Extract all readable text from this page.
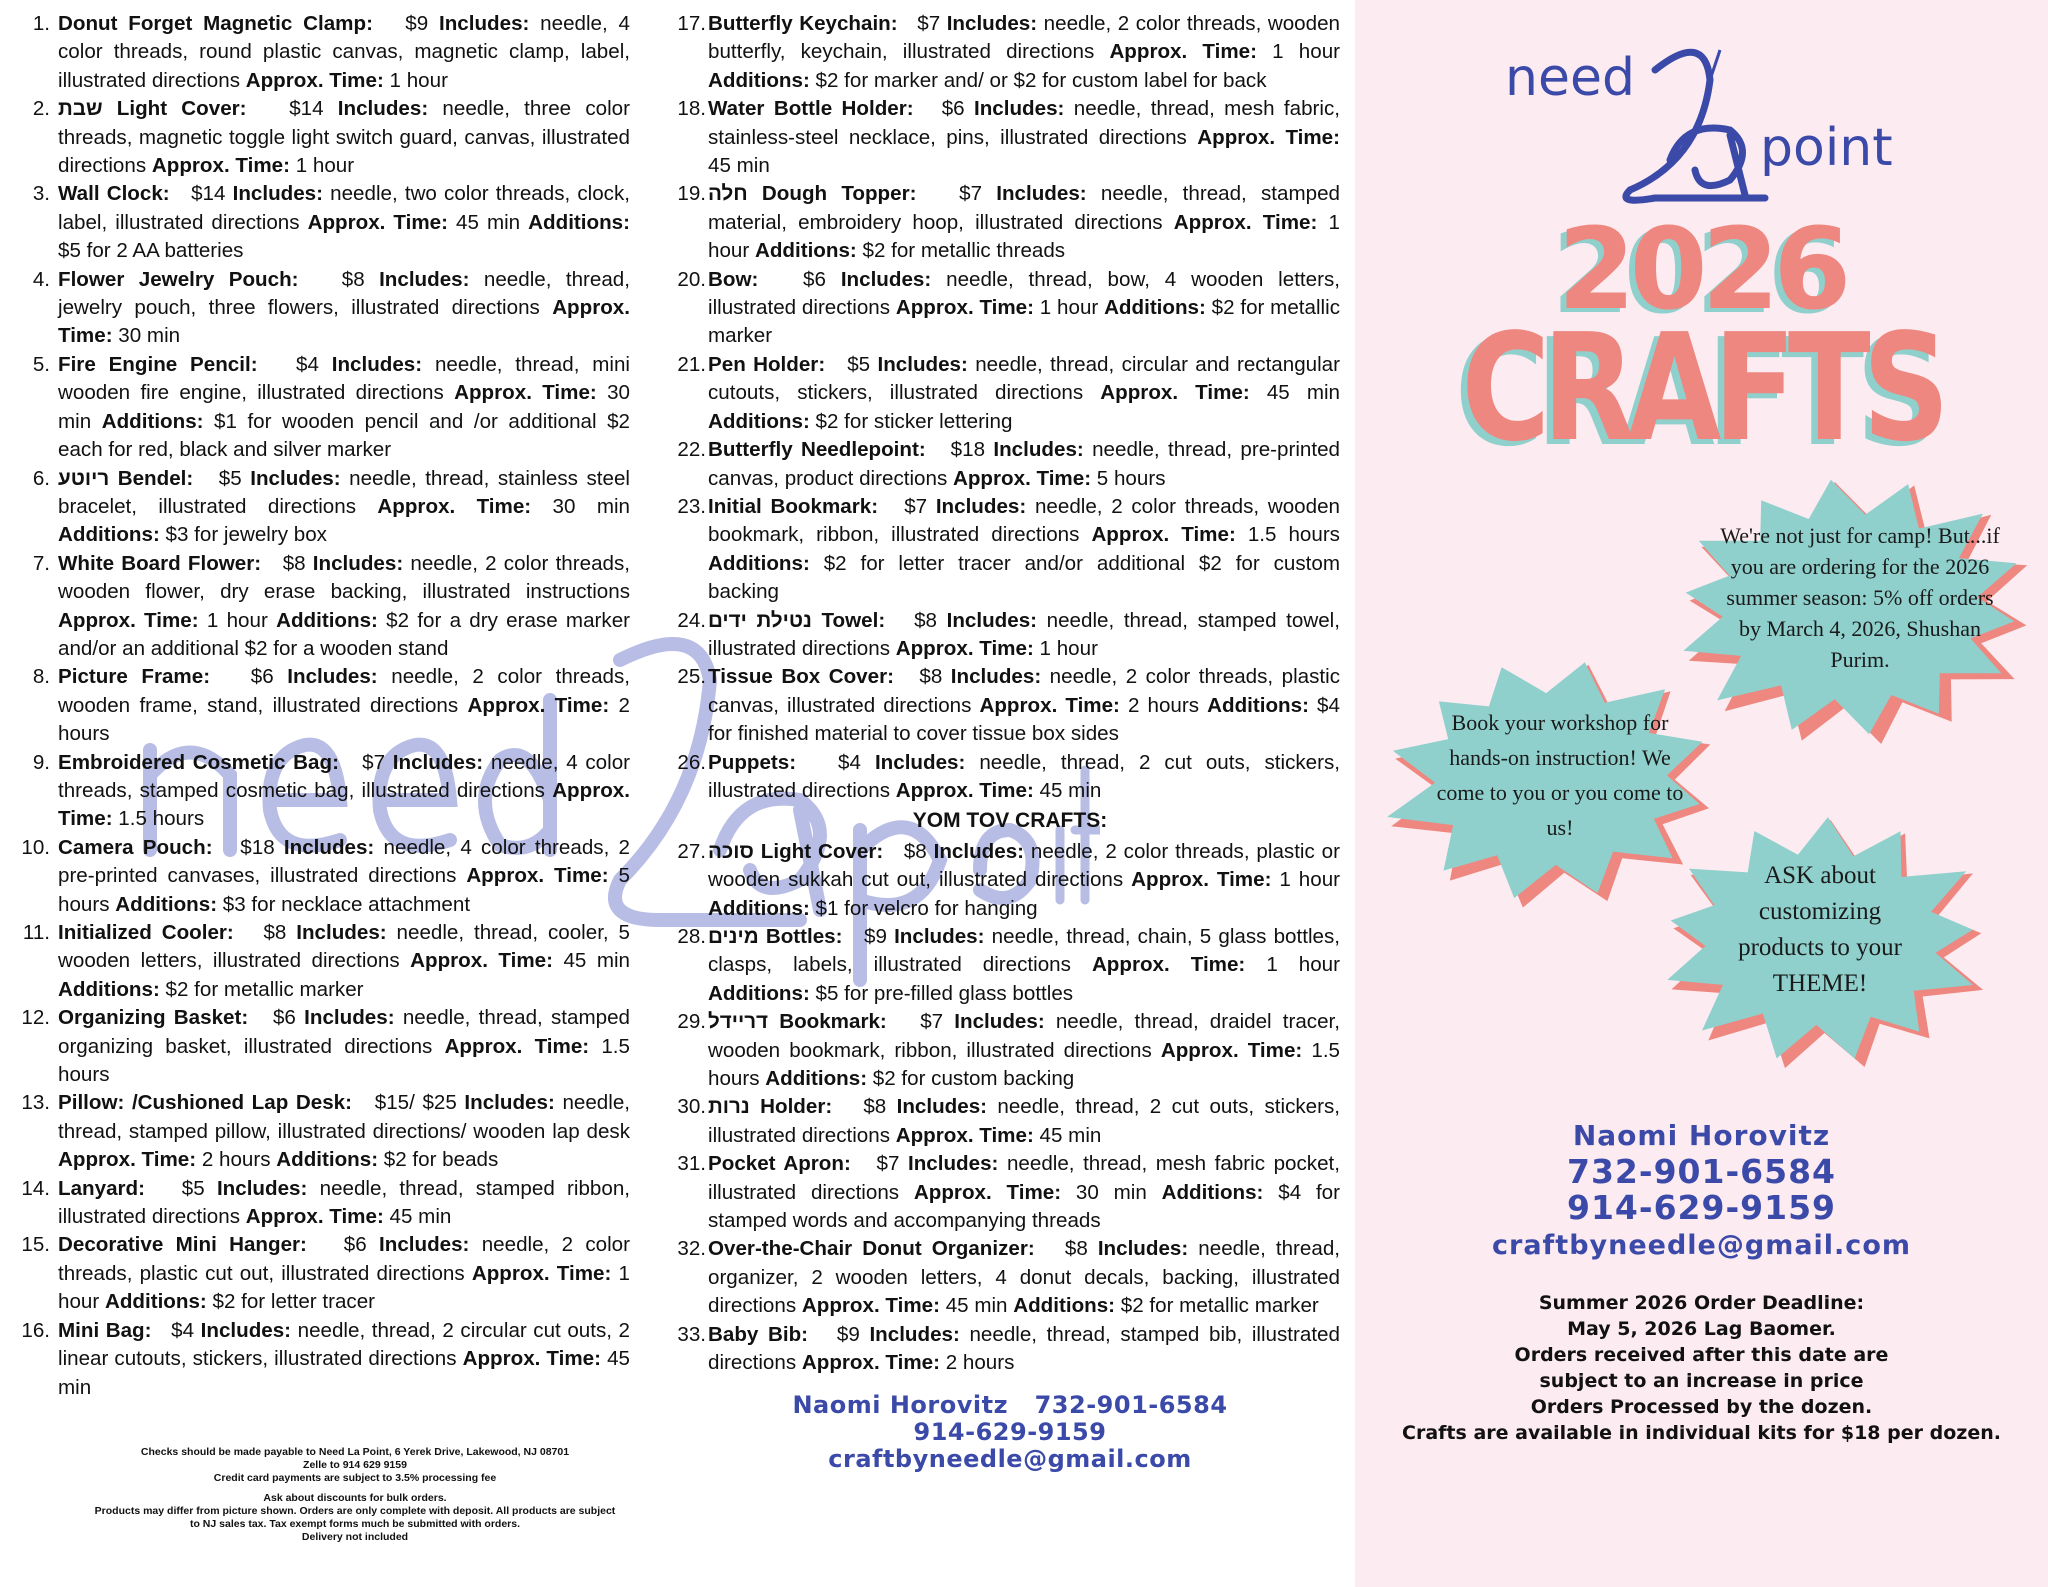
1. Donut Forget Magnetic Clamp: $9 Includes: needle, 4 color threads, round plastic canvas, magnetic clamp, label, illustrated directions Approx. Time: 1 hour
2. שבת Light Cover: $14 Includes: needle, three color threads, magnetic toggle light switch guard, canvas, illustrated directions Approx. Time: 1 hour
3. Wall Clock: $14 Includes: needle, two color threads, clock, label, illustrated directions Approx. Time: 45 min Additions: $5 for 2 AA batteries
4. Flower Jewelry Pouch: $8 Includes: needle, thread, jewelry pouch, three flowers, illustrated directions Approx. Time: 30 min
5. Fire Engine Pencil: $4 Includes: needle, thread, mini wooden fire engine, illustrated directions Approx. Time: 30 min Additions: $1 for wooden pencil and /or additional $2 each for red, black and silver marker
6. ריוטע Bendel: $5 Includes: needle, thread, stainless steel bracelet, illustrated directions Approx. Time: 30 min Additions: $3 for jewelry box
7. White Board Flower: $8 Includes: needle, 2 color threads, wooden flower, dry erase backing, illustrated instructions Approx. Time: 1 hour Additions: $2 for a dry erase marker and/or an additional $2 for a wooden stand
8. Picture Frame: $6 Includes: needle, 2 color threads, wooden frame, stand, illustrated directions Approx. Time: 2 hours
9. Embroidered Cosmetic Bag: $7 Includes: needle, 4 color threads, stamped cosmetic bag, illustrated directions Approx. Time: 1.5 hours
10. Camera Pouch: $18 Includes: needle, 4 color threads, 2 pre-printed canvases, illustrated directions Approx. Time: 5 hours Additions: $3 for necklace attachment
11. Initialized Cooler: $8 Includes: needle, thread, cooler, 5 wooden letters, illustrated directions Approx. Time: 45 min Additions: $2 for metallic marker
12. Organizing Basket: $6 Includes: needle, thread, stamped organizing basket, illustrated directions Approx. Time: 1.5 hours
13. Pillow: /Cushioned Lap Desk: $15/ $25 Includes: needle, thread, stamped pillow, illustrated directions/ wooden lap desk Approx. Time: 2 hours Additions: $2 for beads
14. Lanyard: $5 Includes: needle, thread, stamped ribbon, illustrated directions Approx. Time: 45 min
15. Decorative Mini Hanger: $6 Includes: needle, 2 color threads, plastic cut out, illustrated directions Approx. Time: 1 hour Additions: $2 for letter tracer
16. Mini Bag: $4 Includes: needle, thread, 2 circular cut outs, 2 linear cutouts, stickers, illustrated directions Approx. Time: 45 min

Checks should be made payable to Need La Point, 6 Yerek Drive, Lakewood, NJ 08701
Zelle to 914 629 9159
Credit card payments are subject to 3.5% processing fee

Ask about discounts for bulk orders.
Products may differ from picture shown. Orders are only complete with deposit. All products are subject to NJ sales tax. Tax exempt forms much be submitted with orders.
Delivery not included

17. Butterfly Keychain: $7 Includes: needle, 2 color threads, wooden butterfly, keychain, illustrated directions Approx. Time: 1 hour Additions: $2 for marker and/ or $2 for custom label for back
18. Water Bottle Holder: $6 Includes: needle, thread, mesh fabric, stainless-steel necklace, pins, illustrated directions Approx. Time: 45 min
19. חלה Dough Topper: $7 Includes: needle, thread, stamped material, embroidery hoop, illustrated directions Approx. Time: 1 hour Additions: $2 for metallic threads
20. Bow: $6 Includes: needle, thread, bow, 4 wooden letters, illustrated directions Approx. Time: 1 hour Additions: $2 for metallic marker
21. Pen Holder: $5 Includes: needle, thread, circular and rectangular cutouts, stickers, illustrated directions Approx. Time: 45 min Additions: $2 for sticker lettering
22. Butterfly Needlepoint: $18 Includes: needle, thread, pre-printed canvas, product directions Approx. Time: 5 hours
23. Initial Bookmark: $7 Includes: needle, 2 color threads, wooden bookmark, ribbon, illustrated directions Approx. Time: 1.5 hours Additions: $2 for letter tracer and/or additional $2 for custom backing
24. נטילת ידים Towel: $8 Includes: needle, thread, stamped towel, illustrated directions Approx. Time: 1 hour
25. Tissue Box Cover: $8 Includes: needle, 2 color threads, plastic canvas, illustrated directions Approx. Time: 2 hours Additions: $4 for finished material to cover tissue box sides
26. Puppets: $4 Includes: needle, thread, 2 cut outs, stickers, illustrated directions Approx. Time: 45 min
YOM TOV CRAFTS:
27. סוכה Light Cover: $8 Includes: needle, 2 color threads, plastic or wooden sukkah cut out, illustrated directions Approx. Time: 1 hour Additions: $1 for velcro for hanging
28. מינים Bottles: $9 Includes: needle, thread, chain, 5 glass bottles, clasps, labels, illustrated directions Approx. Time: 1 hour Additions: $5 for pre-filled glass bottles
29. דריידל Bookmark: $7 Includes: needle, thread, draidel tracer, wooden bookmark, ribbon, illustrated directions Approx. Time: 1.5 hours Additions: $2 for custom backing
30. נרות Holder: $8 Includes: needle, thread, 2 cut outs, stickers, illustrated directions Approx. Time: 45 min
31. Pocket Apron: $7 Includes: needle, thread, mesh fabric pocket, illustrated directions Approx. Time: 30 min Additions: $4 for stamped words and accompanying threads
32. Over-the-Chair Donut Organizer: $8 Includes: needle, thread, organizer, 2 wooden letters, 4 donut decals, backing, illustrated directions Approx. Time: 45 min Additions: $2 for metallic marker
33. Baby Bib: $9 Includes: needle, thread, stamped bib, illustrated directions Approx. Time: 2 hours
Naomi Horovitz   732-901-6584
914-629-9159
craftbyneedle@gmail.com
need
point
2026
CRAFTS
We're not just for camp! But...if you are ordering for the 2026 summer season: 5% off orders by March 4, 2026, Shushan Purim.
Book your workshop for hands-on instruction! We come to you or you come to us!
ASK about customizing products to your THEME!
Naomi Horovitz
732-901-6584
914-629-9159
craftbyneedle@gmail.com
Summer 2026 Order Deadline:
May 5, 2026 Lag Baomer.
Orders received after this date are
subject to an increase in price
Orders Processed by the dozen.
Crafts are available in individual kits for $18 per dozen.
